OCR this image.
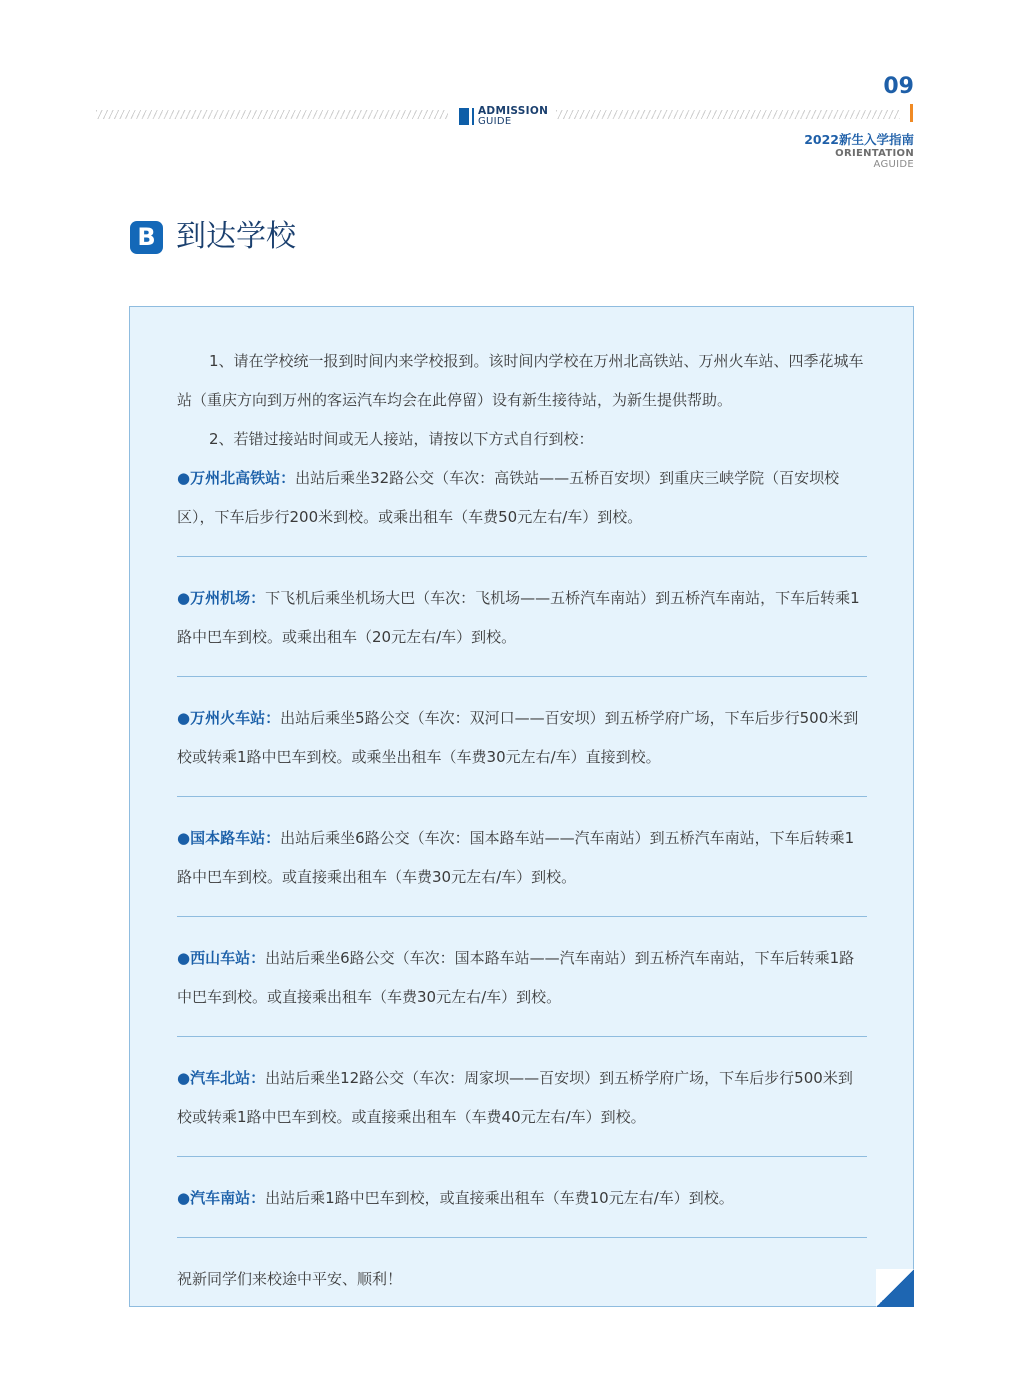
ADMISSION
GUIDE
09
2022新生入学指南
ORIENTATION
AGUIDE
B 到达学校

1、请在学校统一报到时间内来学校报到。该时间内学校在万州北高铁站、万州火车站、四季花城车站（重庆方向到万州的客运汽车均会在此停留）设有新生接待站，为新生提供帮助。

2、若错过接站时间或无人接站，请按以下方式自行到校：

●万州北高铁站：出站后乘坐32路公交（车次：高铁站——五桥百安坝）到重庆三峡学院（百安坝校区），下车后步行200米到校。或乘出租车（车费50元左右/车）到校。

●万州机场：下飞机后乘坐机场大巴（车次：飞机场——五桥汽车南站）到五桥汽车南站，下车后转乘1路中巴车到校。或乘出租车（20元左右/车）到校。

●万州火车站：出站后乘坐5路公交（车次：双河口——百安坝）到五桥学府广场，下车后步行500米到校或转乘1路中巴车到校。或乘坐出租车（车费30元左右/车）直接到校。

●国本路车站：出站后乘坐6路公交（车次：国本路车站——汽车南站）到五桥汽车南站，下车后转乘1路中巴车到校。或直接乘出租车（车费30元左右/车）到校。

●西山车站：出站后乘坐6路公交（车次：国本路车站——汽车南站）到五桥汽车南站，下车后转乘1路中巴车到校。或直接乘出租车（车费30元左右/车）到校。

●汽车北站：出站后乘坐12路公交（车次：周家坝——百安坝）到五桥学府广场，下车后步行500米到校或转乘1路中巴车到校。或直接乘出租车（车费40元左右/车）到校。

●汽车南站：出站后乘1路中巴车到校，或直接乘出租车（车费10元左右/车）到校。

祝新同学们来校途中平安、顺利！
